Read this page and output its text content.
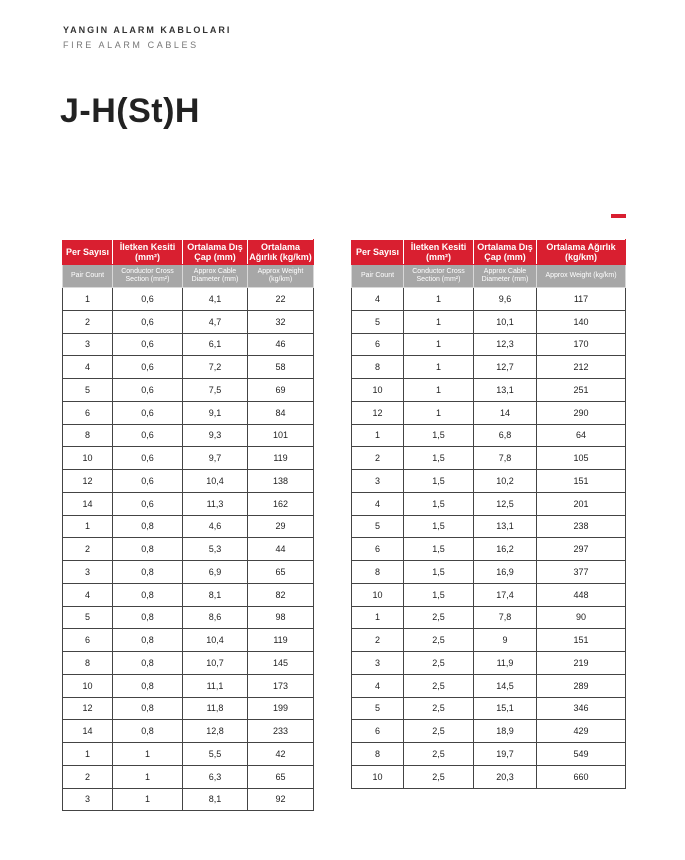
YANGIN ALARM KABLOLARI
FIRE ALARM CABLES
J-H(St)H
Per Sayısı	İletken Kesiti (mm²)	Ortalama Dış Çap (mm)	Ortalama Ağırlık (kg/km)
Pair Count	Conductor Cross Section (mm²)	Approx Cable Diameter (mm)	Approx Weight (kg/km)
1	0,6	4,1	22
2	0,6	4,7	32
3	0,6	6,1	46
4	0,6	7,2	58
5	0,6	7,5	69
6	0,6	9,1	84
8	0,6	9,3	101
10	0,6	9,7	119
12	0,6	10,4	138
14	0,6	11,3	162
1	0,8	4,6	29
2	0,8	5,3	44
3	0,8	6,9	65
4	0,8	8,1	82
5	0,8	8,6	98
6	0,8	10,4	119
8	0,8	10,7	145
10	0,8	11,1	173
12	0,8	11,8	199
14	0,8	12,8	233
1	1	5,5	42
2	1	6,3	65
3	1	8,1	92
Per Sayısı	İletken Kesiti (mm²)	Ortalama Dış Çap (mm)	Ortalama Ağırlık (kg/km)
Pair Count	Conductor Cross Section (mm²)	Approx Cable Diameter (mm)	Approx Weight (kg/km)
4	1	9,6	117
5	1	10,1	140
6	1	12,3	170
8	1	12,7	212
10	1	13,1	251
12	1	14	290
1	1,5	6,8	64
2	1,5	7,8	105
3	1,5	10,2	151
4	1,5	12,5	201
5	1,5	13,1	238
6	1,5	16,2	297
8	1,5	16,9	377
10	1,5	17,4	448
1	2,5	7,8	90
2	2,5	9	151
3	2,5	11,9	219
4	2,5	14,5	289
5	2,5	15,1	346
6	2,5	18,9	429
8	2,5	19,7	549
10	2,5	20,3	660
